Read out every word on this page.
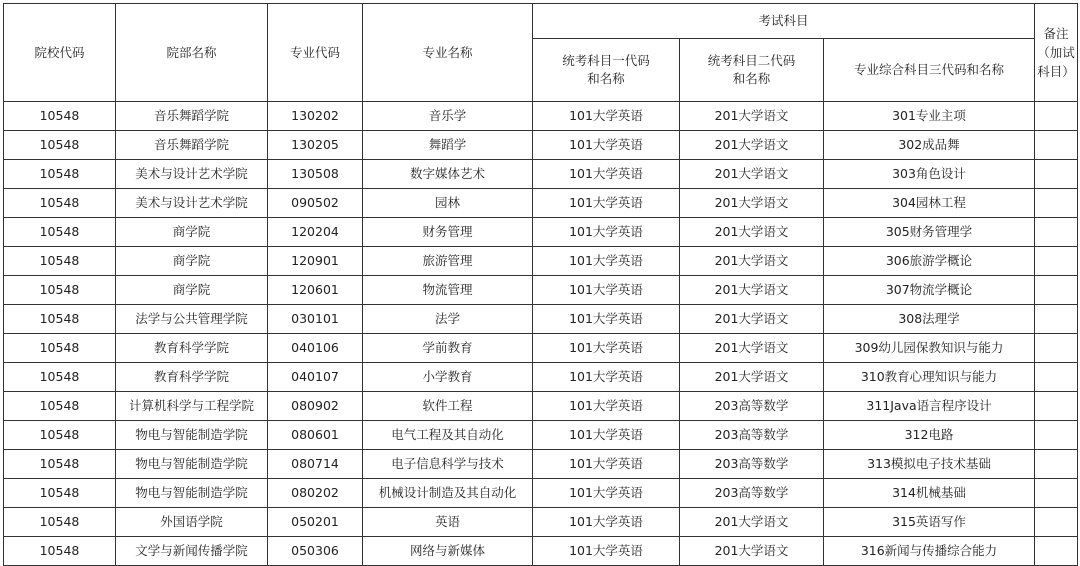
院校代码	院部名称	专业代码	专业名称	考试科目			备注（加试科目）
				统考科目一代码和名称	统考科目二代码和名称	专业综合科目三代码和名称	
10548	音乐舞蹈学院	130202	音乐学	101大学英语	201大学语文	301专业主项	
10548	音乐舞蹈学院	130205	舞蹈学	101大学英语	201大学语文	302成品舞	
10548	美术与设计艺术学院	130508	数字媒体艺术	101大学英语	201大学语文	303角色设计	
10548	美术与设计艺术学院	090502	园林	101大学英语	201大学语文	304园林工程	
10548	商学院	120204	财务管理	101大学英语	201大学语文	305财务管理学	
10548	商学院	120901	旅游管理	101大学英语	201大学语文	306旅游学概论	
10548	商学院	120601	物流管理	101大学英语	201大学语文	307物流学概论	
10548	法学与公共管理学院	030101	法学	101大学英语	201大学语文	308法理学	
10548	教育科学学院	040106	学前教育	101大学英语	201大学语文	309幼儿园保教知识与能力	
10548	教育科学学院	040107	小学教育	101大学英语	201大学语文	310教育心理知识与能力	
10548	计算机科学与工程学院	080902	软件工程	101大学英语	203高等数学	311Java语言程序设计	
10548	物电与智能制造学院	080601	电气工程及其自动化	101大学英语	203高等数学	312电路	
10548	物电与智能制造学院	080714	电子信息科学与技术	101大学英语	203高等数学	313模拟电子技术基础	
10548	物电与智能制造学院	080202	机械设计制造及其自动化	101大学英语	203高等数学	314机械基础	
10548	外国语学院	050201	英语	101大学英语	201大学语文	315英语写作	
10548	文学与新闻传播学院	050306	网络与新媒体	101大学英语	201大学语文	316新闻与传播综合能力	
